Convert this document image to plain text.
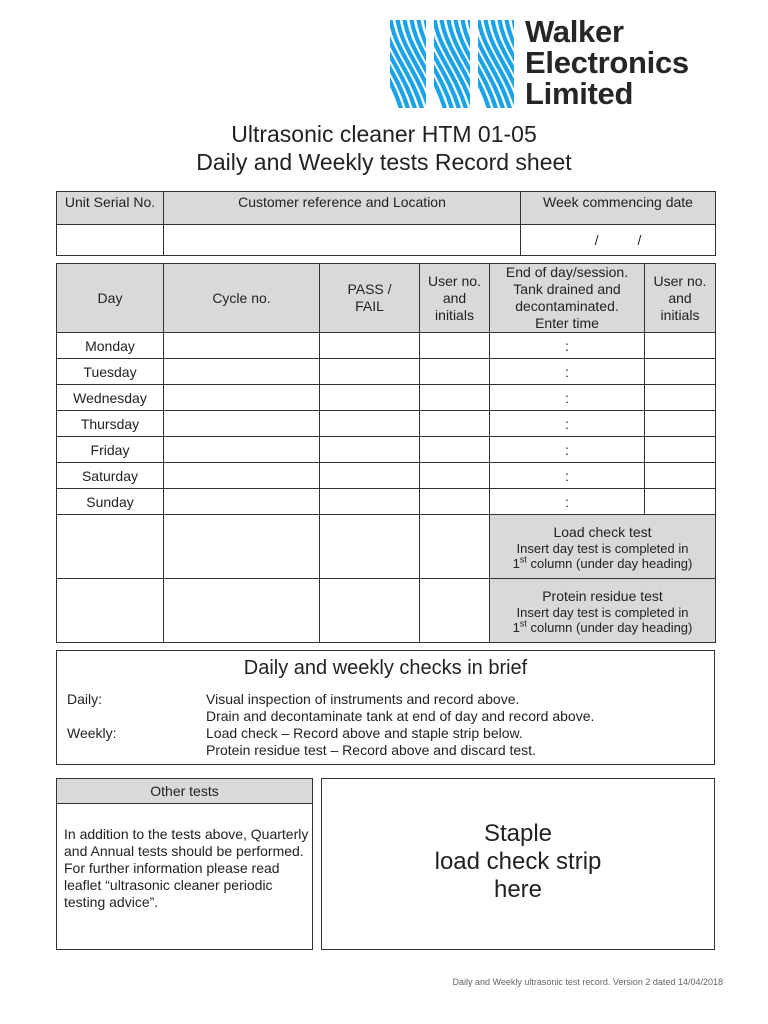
Walker
Electronics
Limited
Ultrasonic cleaner HTM 01-05
Daily and Weekly tests Record sheet
Unit Serial No.	Customer reference and Location	Week commencing date
		/          /
Day	Cycle no.	PASS / FAIL	User no. and initials	End of day/session. Tank drained and decontaminated. Enter time	User no. and initials
Monday				:	
Tuesday				:	
Wednesday				:	
Thursday				:	
Friday				:	
Saturday				:	
Sunday				:	

				Load check test
Insert day test is completed in
1st column (under day heading)	

				Protein residue test
Insert day test is completed in
1st column (under day heading)	
Daily and weekly checks in brief
Daily:	Visual inspection of instruments and record above.
Drain and decontaminate tank at end of day and record above.
Weekly:	Load check – Record above and staple strip below.
Protein residue test – Record above and discard test.
Other tests
In addition to the tests above, Quarterly and Annual tests should be performed. For further information please read leaflet “ultrasonic cleaner periodic testing advice”.
Staple
load check strip
here
Daily and Weekly ultrasonic test record. Version 2 dated 14/04/2018
